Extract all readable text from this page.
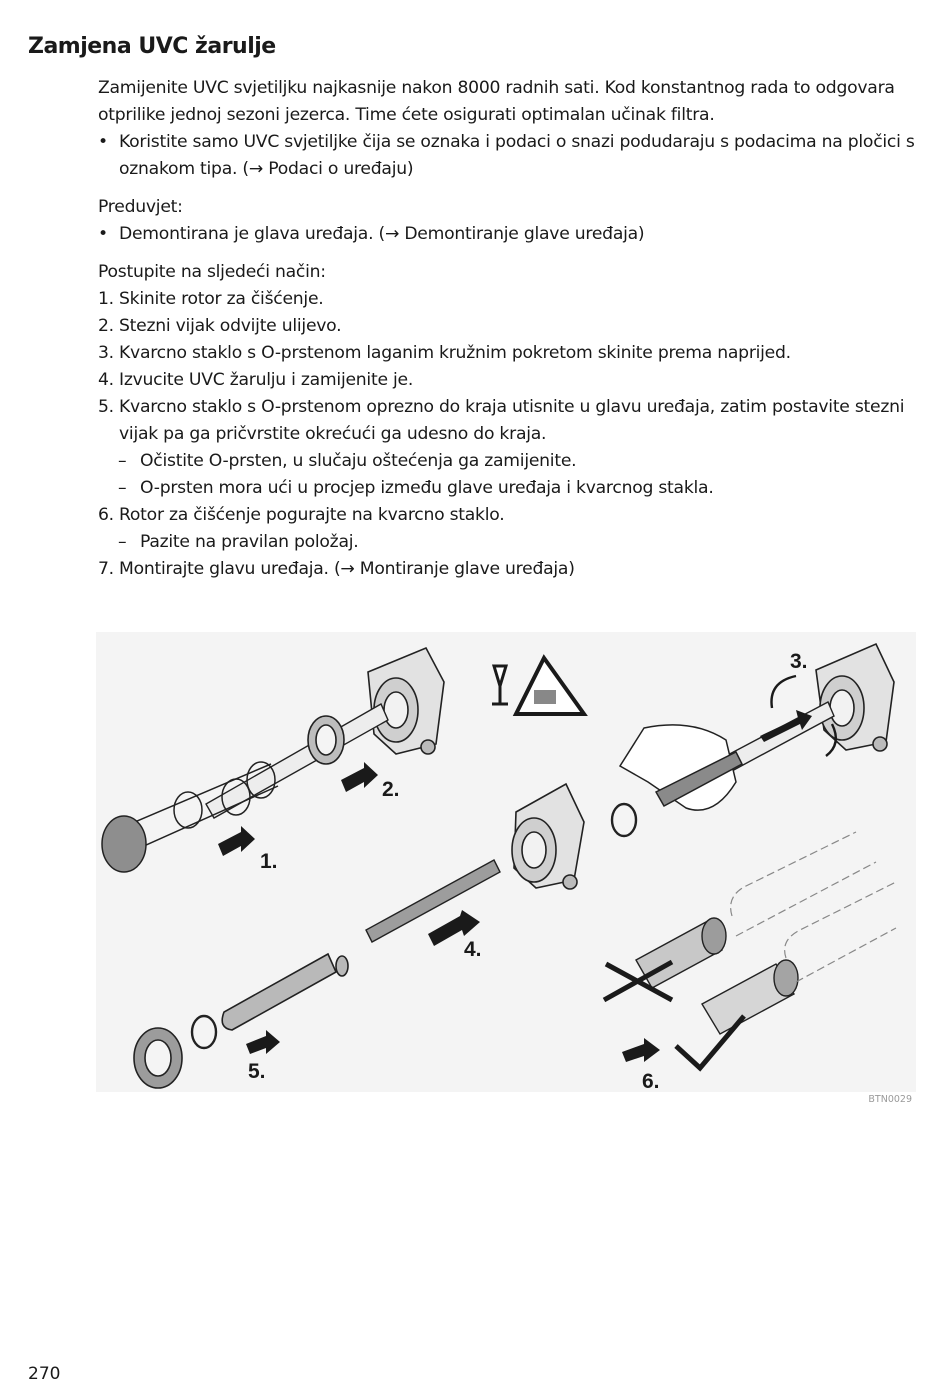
Zamjena UVC žarulje

Zamijenite UVC svjetiljku najkasnije nakon 8000 radnih sati. Kod konstantnog rada to odgovara otprilike jednoj sezoni jezerca. Time ćete osigurati optimalan učinak filtra.

• Koristite samo UVC svjetiljke čija se oznaka i podaci o snazi podudaraju s podacima na pločici s oznakom tipa. (→ Podaci o uređaju)

Preduvjet:

• Demontirana je glava uređaja. (→ Demontiranje glave uređaja)

Postupite na sljedeći način:

1. Skinite rotor za čišćenje.
2. Stezni vijak odvijte ulijevo.
3. Kvarcno staklo s O-prstenom laganim kružnim pokretom skinite prema naprijed.
4. Izvucite UVC žarulju i zamijenite je.
5. Kvarcno staklo s O-prstenom oprezno do kraja utisnite u glavu uređaja, zatim postavite stezni vijak pa ga pričvrstite okrećući ga udesno do kraja.
– Očistite O-prsten, u slučaju oštećenja ga zamijenite.
– O-prsten mora ući u procjep između glave uređaja i kvarcnog stakla.
6. Rotor za čišćenje pogurajte na kvarcno staklo.
– Pazite na pravilan položaj.
7. Montirajte glavu uređaja. (→ Montiranje glave uređaja)
2.
1.
3.
4.
5.	6.
BTN0029
270
